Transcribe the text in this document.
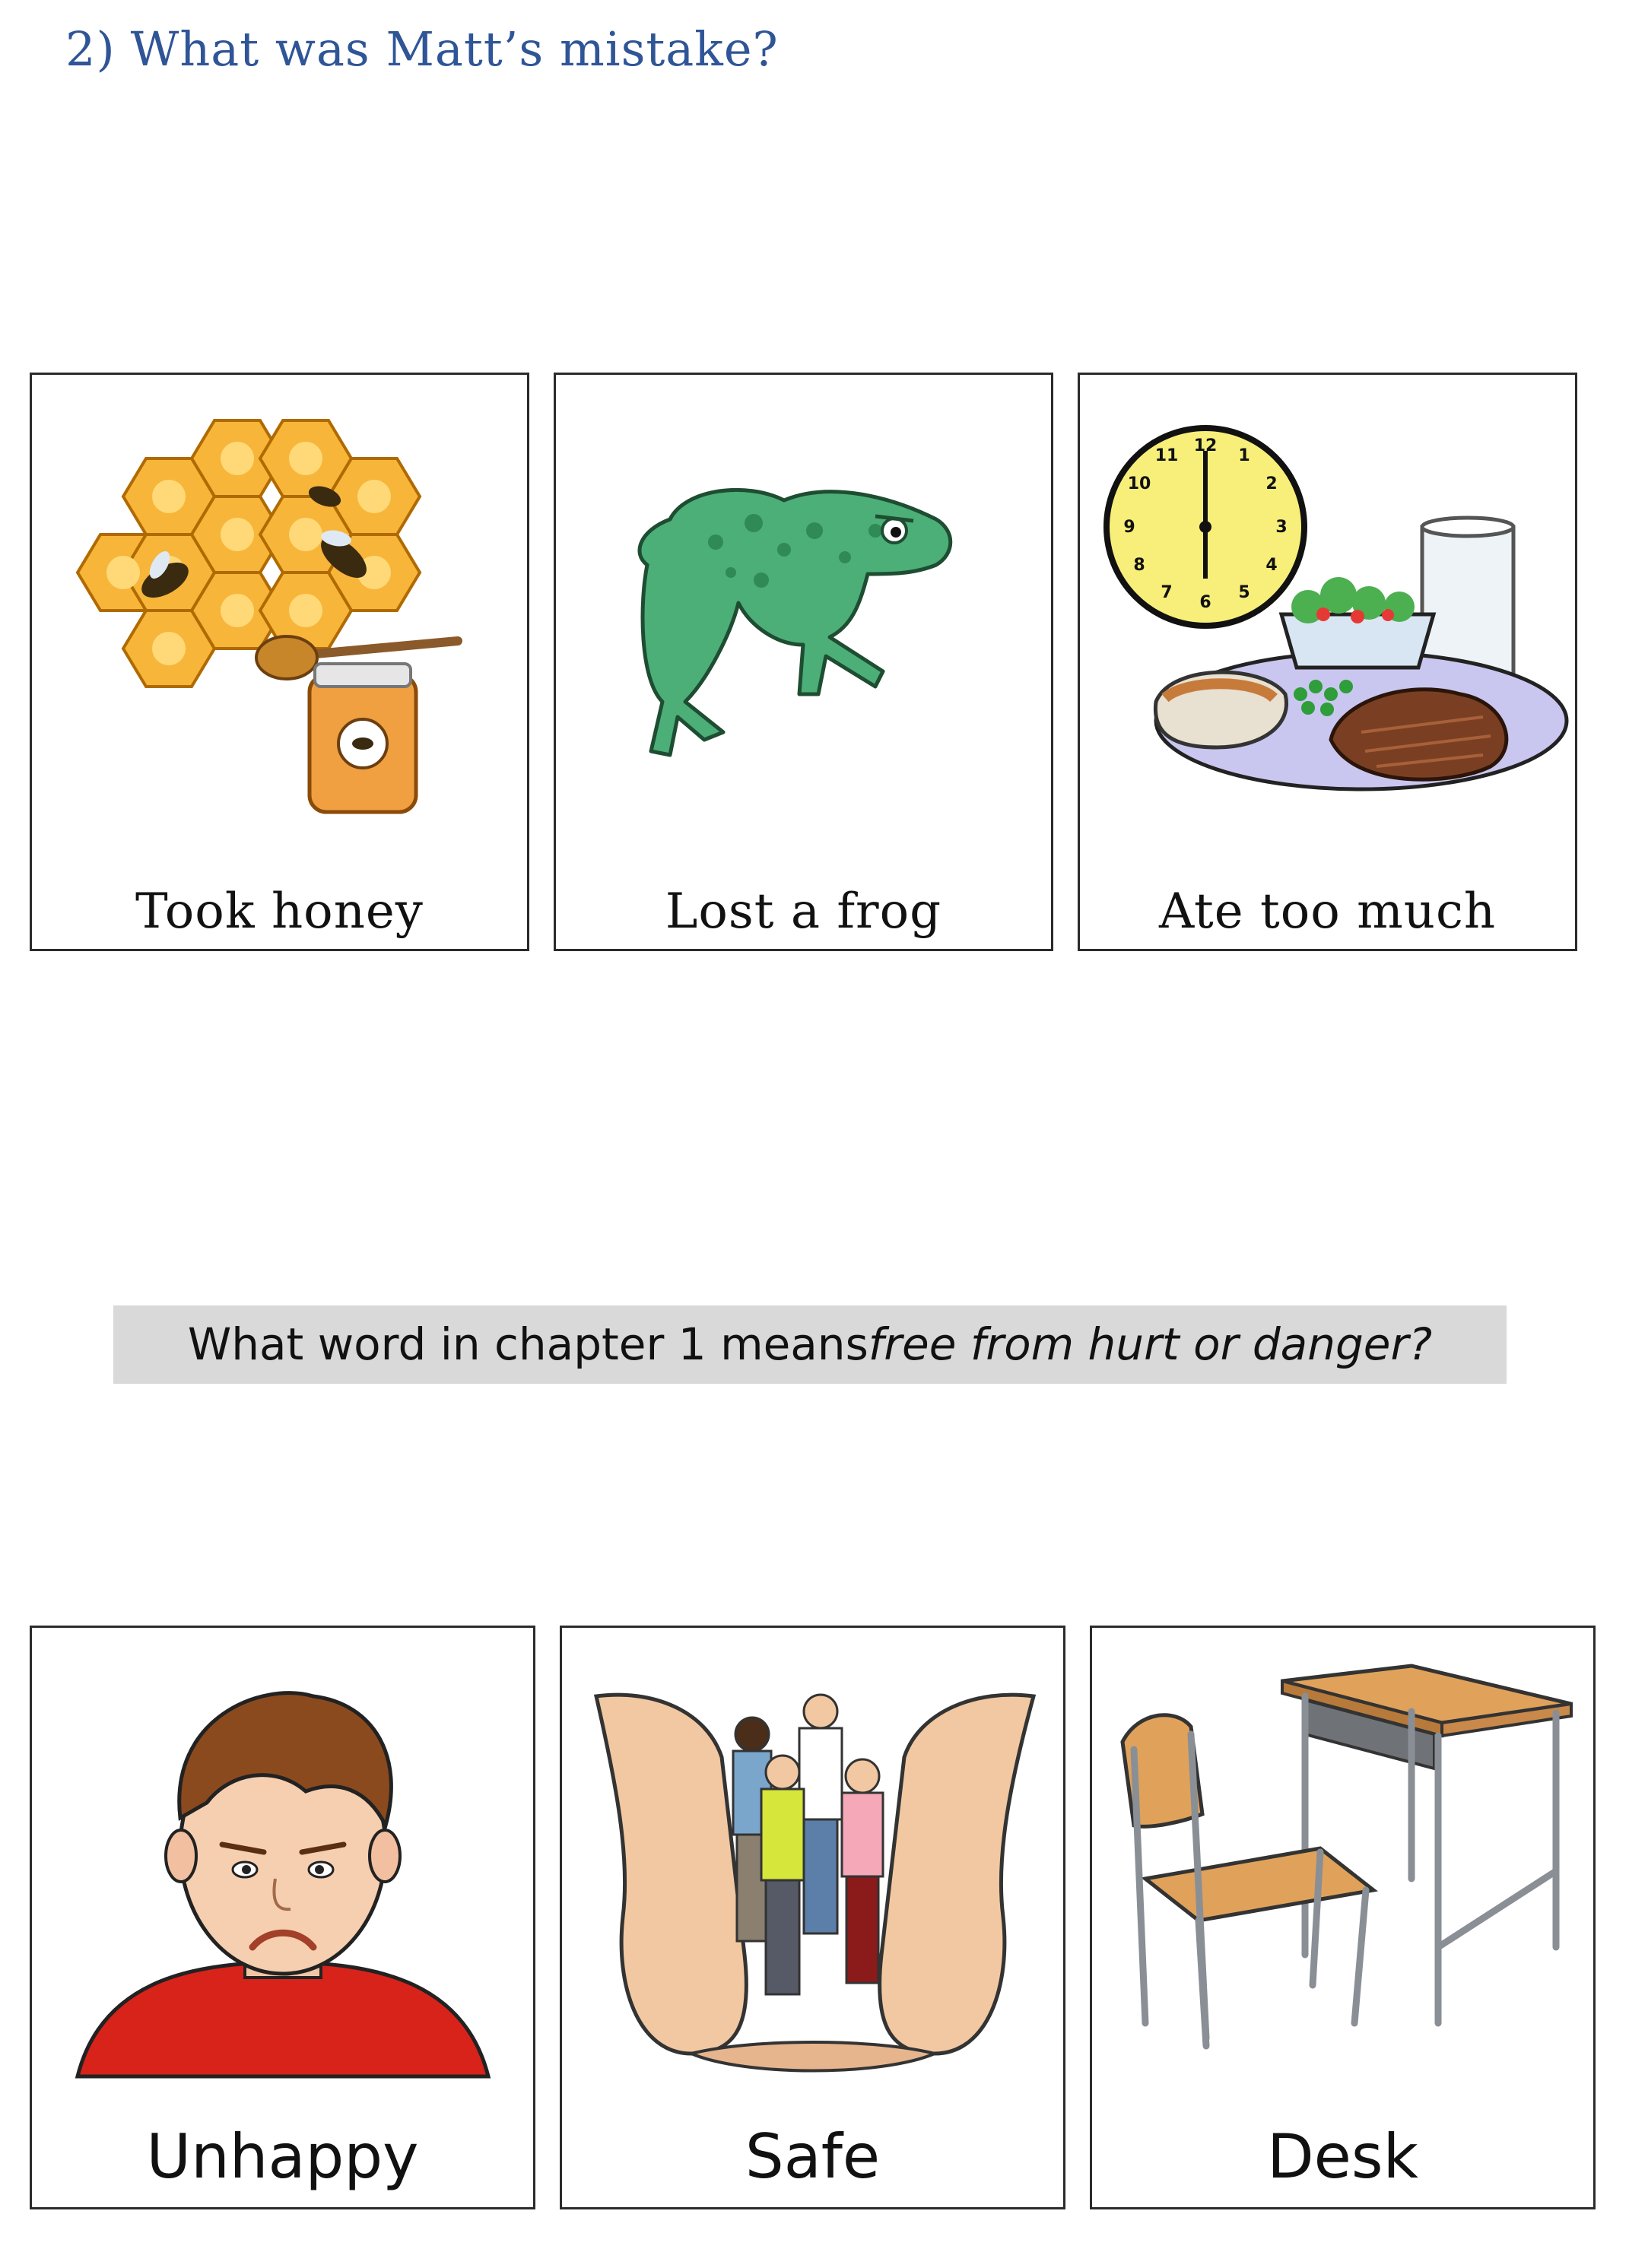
2) What was Matt’s mistake?
Took honey	Lost a frog
12
1
2
3
4
5
6
7
8
9
10
11
Ate too much
What word in chapter 1 meansfree from hurt or danger?
Unhappy	Safe	Desk
